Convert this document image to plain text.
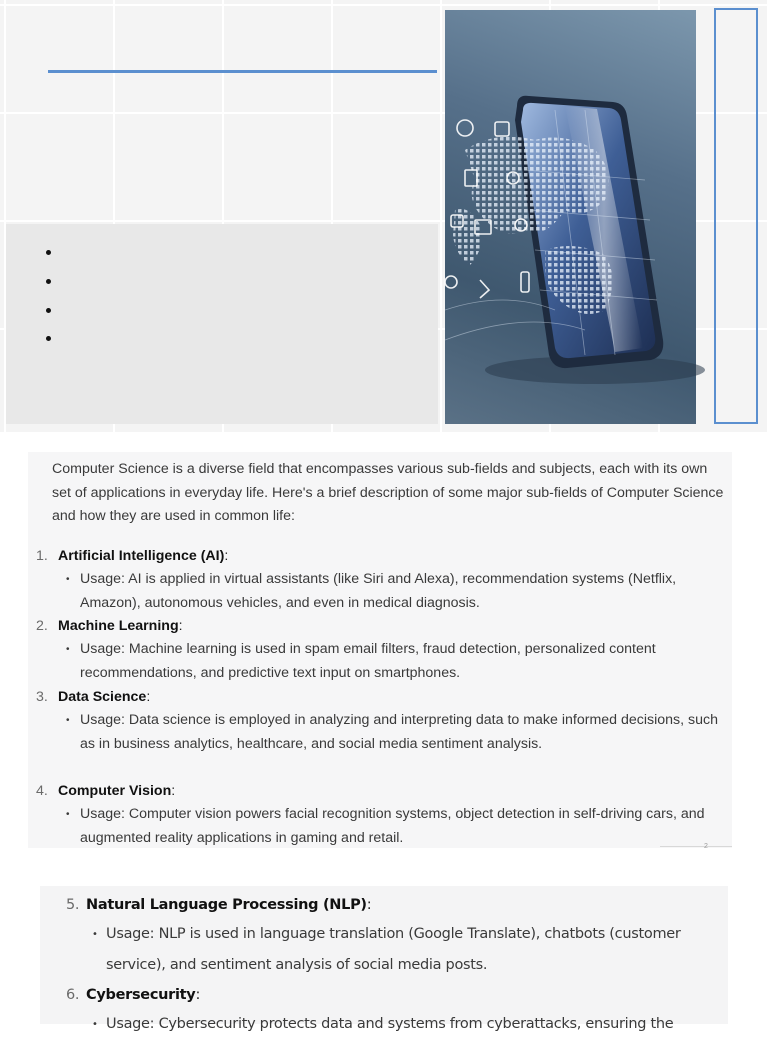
Computer Science is a diverse field that encompasses various sub-fields and subjects, each with its own set of applications in everyday life. Here's a brief description of some major sub-fields of Computer Science and how they are used in common life:

1. Artificial Intelligence (AI):

• Usage: AI is applied in virtual assistants (like Siri and Alexa), recommendation systems (Netflix, Amazon), autonomous vehicles, and even in medical diagnosis.

2. Machine Learning:

• Usage: Machine learning is used in spam email filters, fraud detection, personalized content recommendations, and predictive text input on smartphones.

3. Data Science:

• Usage: Data science is employed in analyzing and interpreting data to make informed decisions, such as in business analytics, healthcare, and social media sentiment analysis.

4. Computer Vision:

• Usage: Computer vision powers facial recognition systems, object detection in self-driving cars, and augmented reality applications in gaming and retail.

2
5. Natural Language Processing (NLP):

• Usage: NLP is used in language translation (Google Translate), chatbots (customer service), and sentiment analysis of social media posts.

6. Cybersecurity:

• Usage: Cybersecurity protects data and systems from cyberattacks, ensuring the
